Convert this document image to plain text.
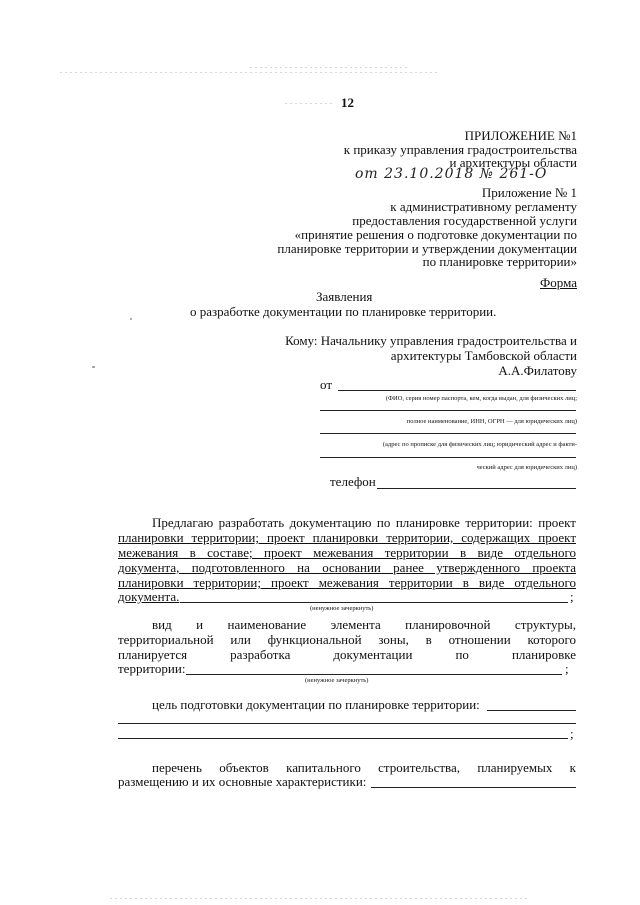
12
ПРИЛОЖЕНИЕ №1
к приказу управления градостроительства
и архитектуры области
от 23.10.2018 № 261-О
Приложение № 1
к административному регламенту
предоставления государственной услуги
«принятие решения о подготовке документации по
планировке территории и утверждении документации
по планировке территории»
Форма
Заявления
о разработке документации по планировке территории.
Кому: Начальнику управления градостроительства и
архитектуры Тамбовской области
А.А.Филатову
от
(ФИО, серия номер паспорта, кем, когда выдан, для физических лиц;
полное наименование, ИНН, ОГРН — для юридических лиц)
(адрес по прописке для физических лиц; юридический адрес и факти-
ческий адрес для юридических лиц)
телефон
Предлагаю разработать документацию по планировке территории: проект
планировки территории; проект планировки территории, содержащих проект
межевания в составе; проект межевания территории в виде отдельного
документа, подготовленного на основании ранее утвержденного проекта
планировки территории; проект межевания территории в виде отдельного
документа.	;
(ненужное зачеркнуть)
вид и наименование элемента планировочной структуры,
территориальной или функциональной зоны, в отношении которого
планируется разработка документации по планировке
территории:	;
(ненужное зачеркнуть)
цель подготовки документации по планировке территории:
;
перечень объектов капитального строительства, планируемых к
размещению и их основные характеристики:
